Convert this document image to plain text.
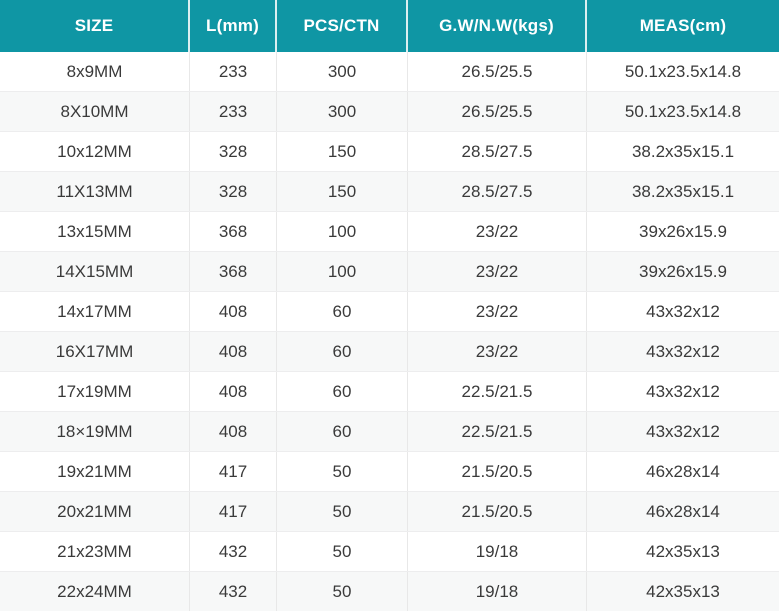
SIZE	L(mm)	PCS/CTN	G.W/N.W(kgs)	MEAS(cm)
8x9MM	233	300	26.5/25.5	50.1x23.5x14.8
8X10MM	233	300	26.5/25.5	50.1x23.5x14.8
10x12MM	328	150	28.5/27.5	38.2x35x15.1
11X13MM	328	150	28.5/27.5	38.2x35x15.1
13x15MM	368	100	23/22	39x26x15.9
14X15MM	368	100	23/22	39x26x15.9
14x17MM	408	60	23/22	43x32x12
16X17MM	408	60	23/22	43x32x12
17x19MM	408	60	22.5/21.5	43x32x12
18×19MM	408	60	22.5/21.5	43x32x12
19x21MM	417	50	21.5/20.5	46x28x14
20x21MM	417	50	21.5/20.5	46x28x14
21x23MM	432	50	19/18	42x35x13
22x24MM	432	50	19/18	42x35x13
